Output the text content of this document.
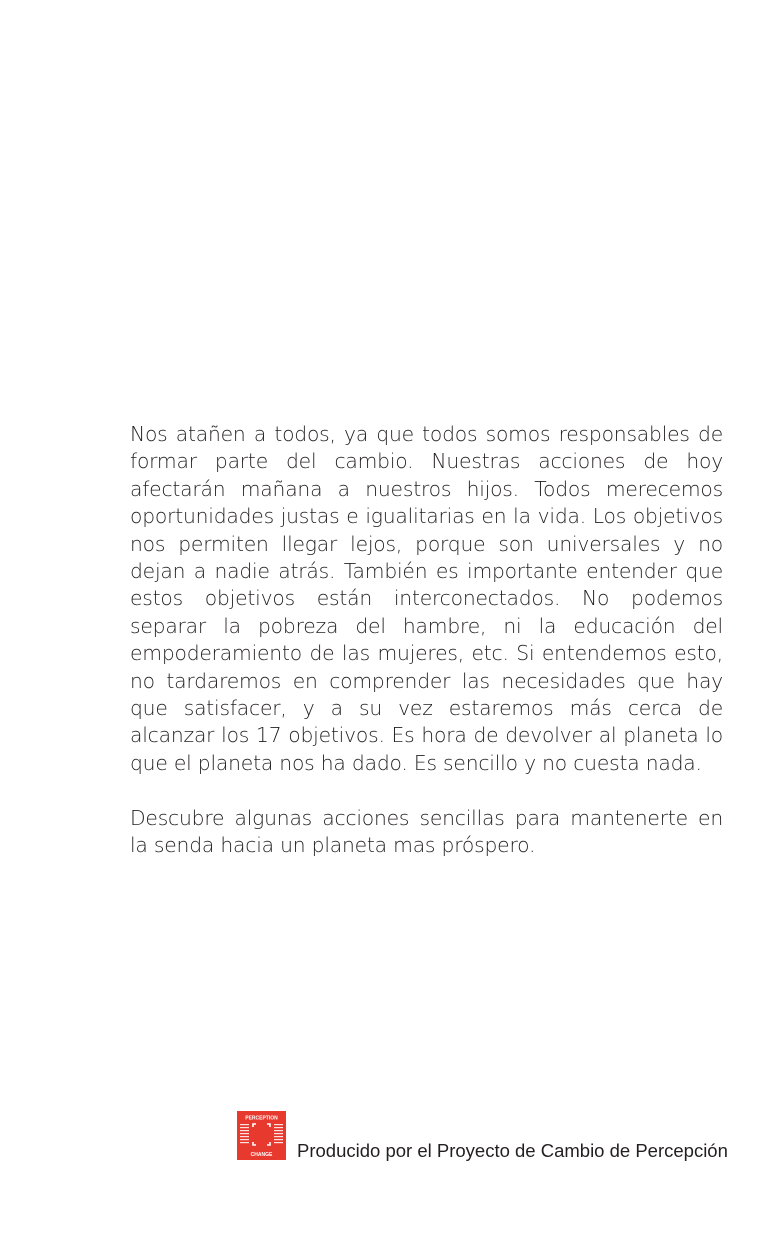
Nos atañen a todos, ya que todos somos responsables de formar parte del cambio. Nuestras acciones de hoy afectarán mañana a nuestros hijos. Todos merecemos oportunidades justas e igualitarias en la vida. Los objetivos nos permiten llegar lejos, porque son universales y no dejan a nadie atrás. También es importante entender que estos objetivos están interconectados. No podemos separar la pobreza del hambre, ni la educación del empoderamiento de las mujeres, etc. Si entendemos esto, no tardaremos en comprender las necesidades que hay que satisfacer, y a su vez estaremos más cerca de alcanzar los 17 objetivos. Es hora de devolver al planeta lo que el planeta nos ha dado. Es sencillo y no cuesta nada.

Descubre algunas acciones sencillas para mantenerte en la senda hacia un planeta mas próspero.

PERCEPTION
CHANGE Producido por el Proyecto de Cambio de Percepción
